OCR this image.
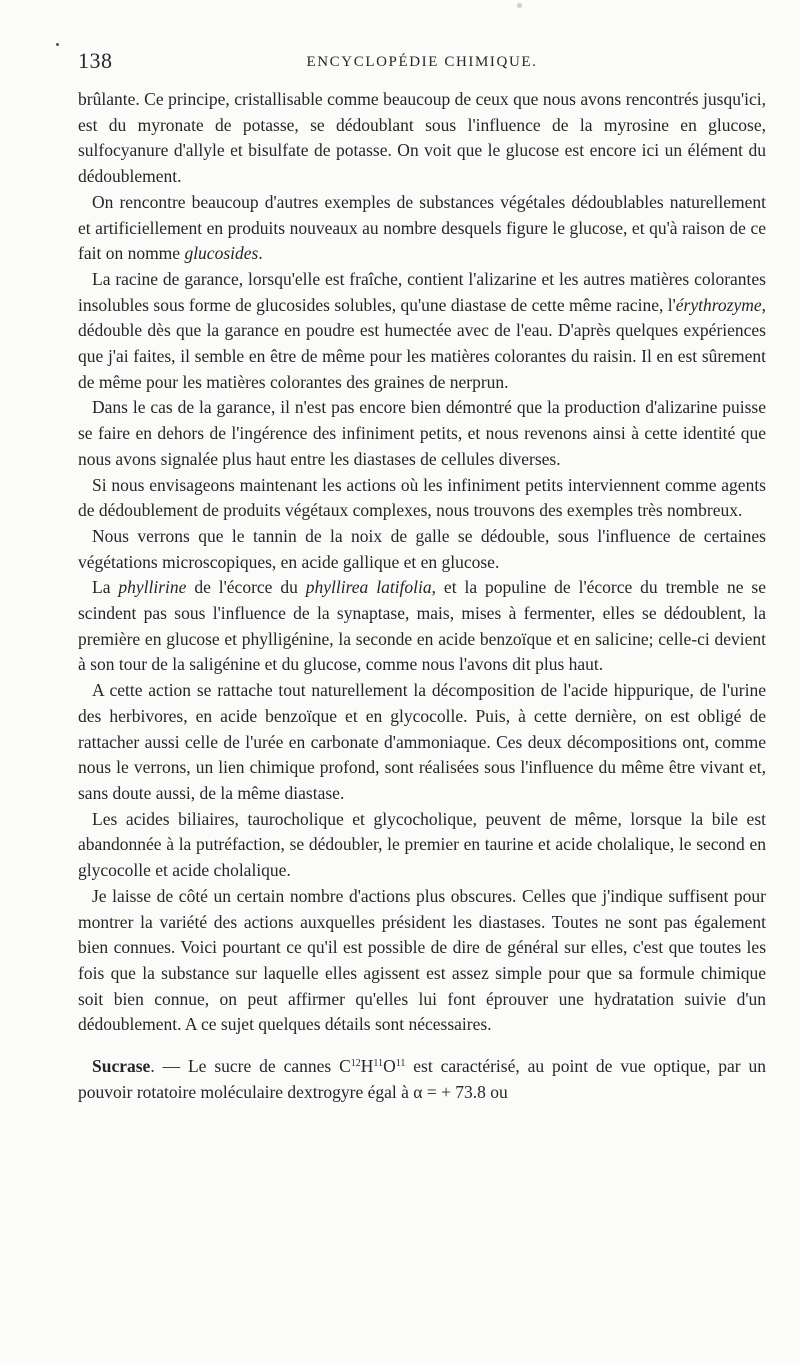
138	ENCYCLOPÉDIE CHIMIQUE.

brûlante. Ce principe, cristallisable comme beaucoup de ceux que nous avons rencontrés jusqu'ici, est du myronate de potasse, se dédoublant sous l'influence de la myrosine en glucose, sulfocyanure d'allyle et bisulfate de potasse. On voit que le glucose est encore ici un élément du dédoublement.

On rencontre beaucoup d'autres exemples de substances végétales dédoublables naturellement et artificiellement en produits nouveaux au nombre desquels figure le glucose, et qu'à raison de ce fait on nomme glucosides.

La racine de garance, lorsqu'elle est fraîche, contient l'alizarine et les autres matières colorantes insolubles sous forme de glucosides solubles, qu'une diastase de cette même racine, l'érythrozyme, dédouble dès que la garance en poudre est humectée avec de l'eau. D'après quelques expériences que j'ai faites, il semble en être de même pour les matières colorantes du raisin. Il en est sûrement de même pour les matières colorantes des graines de nerprun.

Dans le cas de la garance, il n'est pas encore bien démontré que la production d'alizarine puisse se faire en dehors de l'ingérence des infiniment petits, et nous revenons ainsi à cette identité que nous avons signalée plus haut entre les diastases de cellules diverses.

Si nous envisageons maintenant les actions où les infiniment petits interviennent comme agents de dédoublement de produits végétaux complexes, nous trouvons des exemples très nombreux.

Nous verrons que le tannin de la noix de galle se dédouble, sous l'influence de certaines végétations microscopiques, en acide gallique et en glucose.

La phyllirine de l'écorce du phyllirea latifolia, et la populine de l'écorce du tremble ne se scindent pas sous l'influence de la synaptase, mais, mises à fermenter, elles se dédoublent, la première en glucose et phylligénine, la seconde en acide benzoïque et en salicine; celle-ci devient à son tour de la saligénine et du glucose, comme nous l'avons dit plus haut.

A cette action se rattache tout naturellement la décomposition de l'acide hippurique, de l'urine des herbivores, en acide benzoïque et en glycocolle. Puis, à cette dernière, on est obligé de rattacher aussi celle de l'urée en carbonate d'ammoniaque. Ces deux décompositions ont, comme nous le verrons, un lien chimique profond, sont réalisées sous l'influence du même être vivant et, sans doute aussi, de la même diastase.

Les acides biliaires, taurocholique et glycocholique, peuvent de même, lorsque la bile est abandonnée à la putréfaction, se dédoubler, le premier en taurine et acide cholalique, le second en glycocolle et acide cholalique.

Je laisse de côté un certain nombre d'actions plus obscures. Celles que j'indique suffisent pour montrer la variété des actions auxquelles président les diastases. Toutes ne sont pas également bien connues. Voici pourtant ce qu'il est possible de dire de général sur elles, c'est que toutes les fois que la substance sur laquelle elles agissent est assez simple pour que sa formule chimique soit bien connue, on peut affirmer qu'elles lui font éprouver une hydratation suivie d'un dédoublement. A ce sujet quelques détails sont nécessaires.

Sucrase. — Le sucre de cannes $C^{12}H^{11}O^{11}$ est caractérisé, au point de vue optique, par un pouvoir rotatoire moléculaire dextrogyre égal à α = + 73.8 ou
